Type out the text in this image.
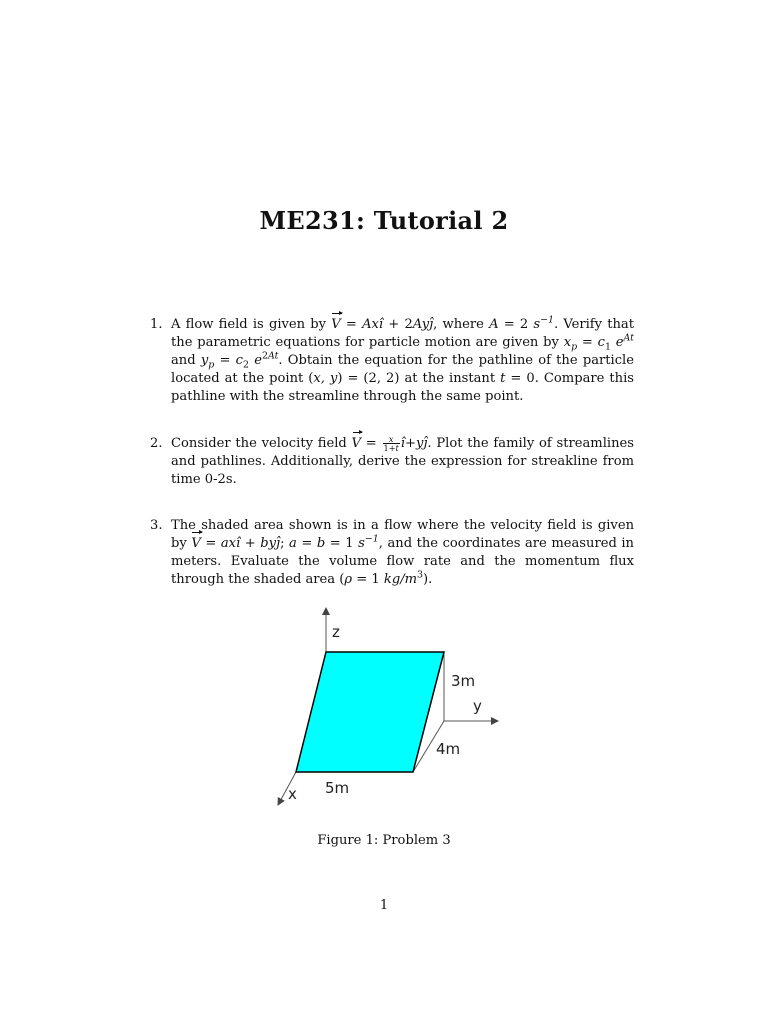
ME231: Tutorial 2
1. A flow field is given by V = Axî + 2Ayĵ, where A = 2 $s^{-1}$. Verify that the parametric equations for particle motion are given by $x_p = c_1$ $e^{At}$ and $y_p = c_2$ $e^{2At}$. Obtain the equation for the pathline of the particle located at the point (x, y) = (2, 2) at the instant t = 0. Compare this pathline with the streamline through the same point.
2. Consider the velocity field $V = \frac{x}{1+t}$ î+yĵ. Plot the family of streamlines and pathlines. Additionally, derive the expression for streakline from time 0-2s.
3. The shaded area shown is in a flow where the velocity field is given by V = axî + byĵ; a = b = 1 $s^{-1}$, and the coordinates are measured in meters. Evaluate the volume flow rate and the momentum flux through the shaded area (ρ = 1 $kg/m^3$).
z
3m
y
4m
5m
x
Figure 1: Problem 3
1
